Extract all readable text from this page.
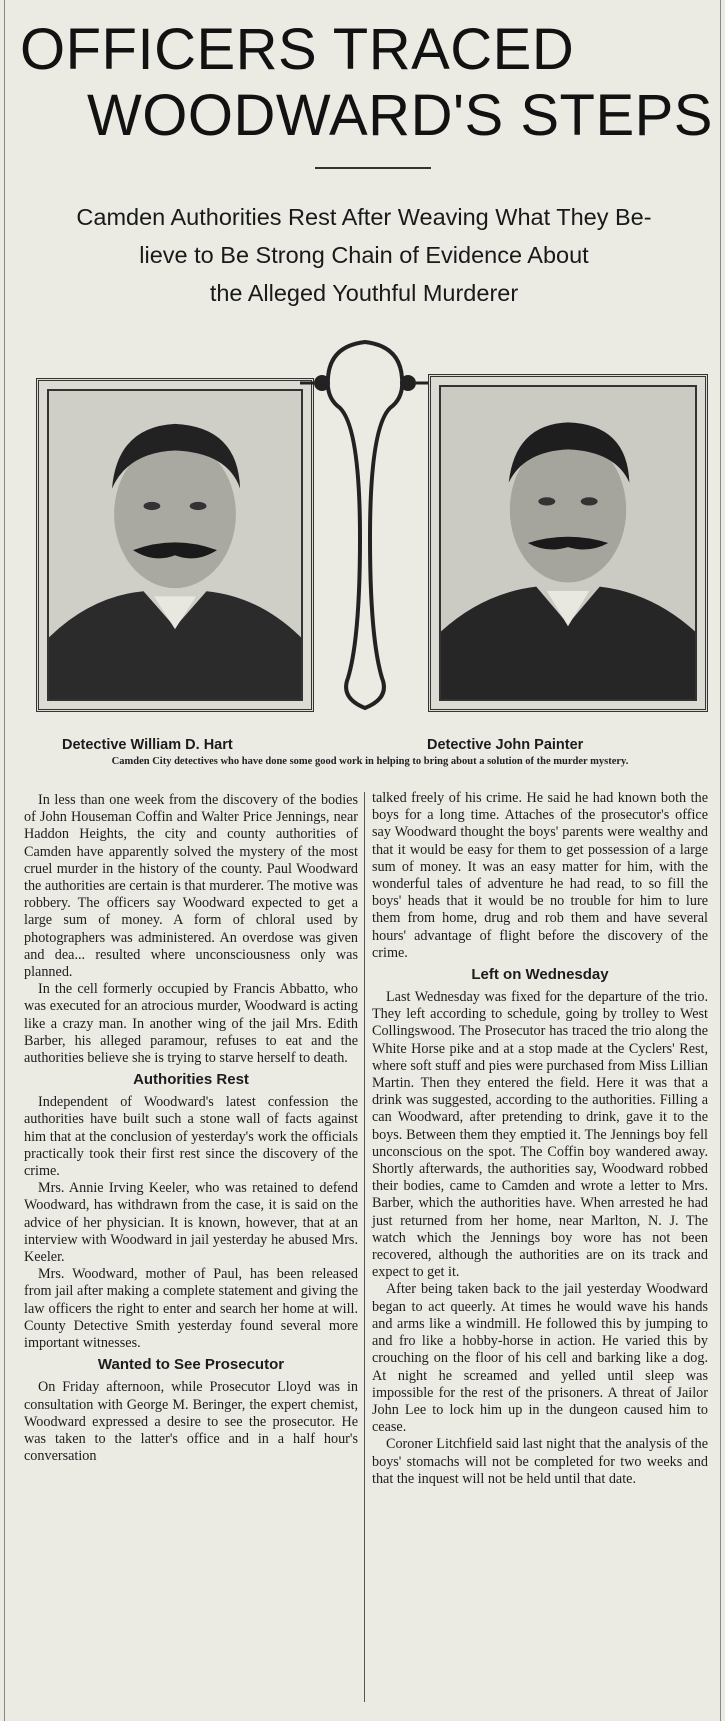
OFFICERS TRACED
WOODWARD'S STEPS
Camden Authorities Rest After Weaving What They Be-
lieve to Be Strong Chain of Evidence About
the Alleged Youthful Murderer
Detective William D. Hart	Detective John Painter
Camden City detectives who have done some good work in helping to bring about a solution of the murder mystery.

In less than one week from the discovery of the bodies of John Houseman Coffin and Walter Price Jennings, near Haddon Heights, the city and county authorities of Camden have apparently solved the mystery of the most cruel murder in the history of the county. Paul Woodward the authorities are certain is that murderer. The motive was robbery. The officers say Woodward expected to get a large sum of money. A form of chloral used by photographers was administered. An overdose was given and dea... resulted where unconsciousness only was planned.

In the cell formerly occupied by Francis Abbatto, who was executed for an atrocious murder, Woodward is acting like a crazy man. In another wing of the jail Mrs. Edith Barber, his alleged paramour, refuses to eat and the authorities believe she is trying to starve herself to death.

Authorities Rest

Independent of Woodward's latest confession the authorities have built such a stone wall of facts against him that at the conclusion of yesterday's work the officials practically took their first rest since the discovery of the crime.

Mrs. Annie Irving Keeler, who was retained to defend Woodward, has withdrawn from the case, it is said on the advice of her physician. It is known, however, that at an interview with Woodward in jail yesterday he abused Mrs. Keeler.

Mrs. Woodward, mother of Paul, has been released from jail after making a complete statement and giving the law officers the right to enter and search her home at will. County Detective Smith yesterday found several more important witnesses.

Wanted to See Prosecutor

On Friday afternoon, while Prosecutor Lloyd was in consultation with George M. Beringer, the expert chemist, Woodward expressed a desire to see the prosecutor. He was taken to the latter's office and in a half hour's conversation

talked freely of his crime. He said he had known both the boys for a long time. Attaches of the prosecutor's office say Woodward thought the boys' parents were wealthy and that it would be easy for them to get possession of a large sum of money. It was an easy matter for him, with the wonderful tales of adventure he had read, to so fill the boys' heads that it would be no trouble for him to lure them from home, drug and rob them and have several hours' advantage of flight before the discovery of the crime.

Left on Wednesday

Last Wednesday was fixed for the departure of the trio. They left according to schedule, going by trolley to West Collingswood. The Prosecutor has traced the trio along the White Horse pike and at a stop made at the Cyclers' Rest, where soft stuff and pies were purchased from Miss Lillian Martin. Then they entered the field. Here it was that a drink was suggested, according to the authorities. Filling a can Woodward, after pretending to drink, gave it to the boys. Between them they emptied it. The Jennings boy fell unconscious on the spot. The Coffin boy wandered away. Shortly afterwards, the authorities say, Woodward robbed their bodies, came to Camden and wrote a letter to Mrs. Barber, which the authorities have. When arrested he had just returned from her home, near Marlton, N. J. The watch which the Jennings boy wore has not been recovered, although the authorities are on its track and expect to get it.

After being taken back to the jail yesterday Woodward began to act queerly. At times he would wave his hands and arms like a windmill. He followed this by jumping to and fro like a hobby-horse in action. He varied this by crouching on the floor of his cell and barking like a dog. At night he screamed and yelled until sleep was impossible for the rest of the prisoners. A threat of Jailor John Lee to lock him up in the dungeon caused him to cease.

Coroner Litchfield said last night that the analysis of the boys' stomachs will not be completed for two weeks and that the inquest will not be held until that date.
